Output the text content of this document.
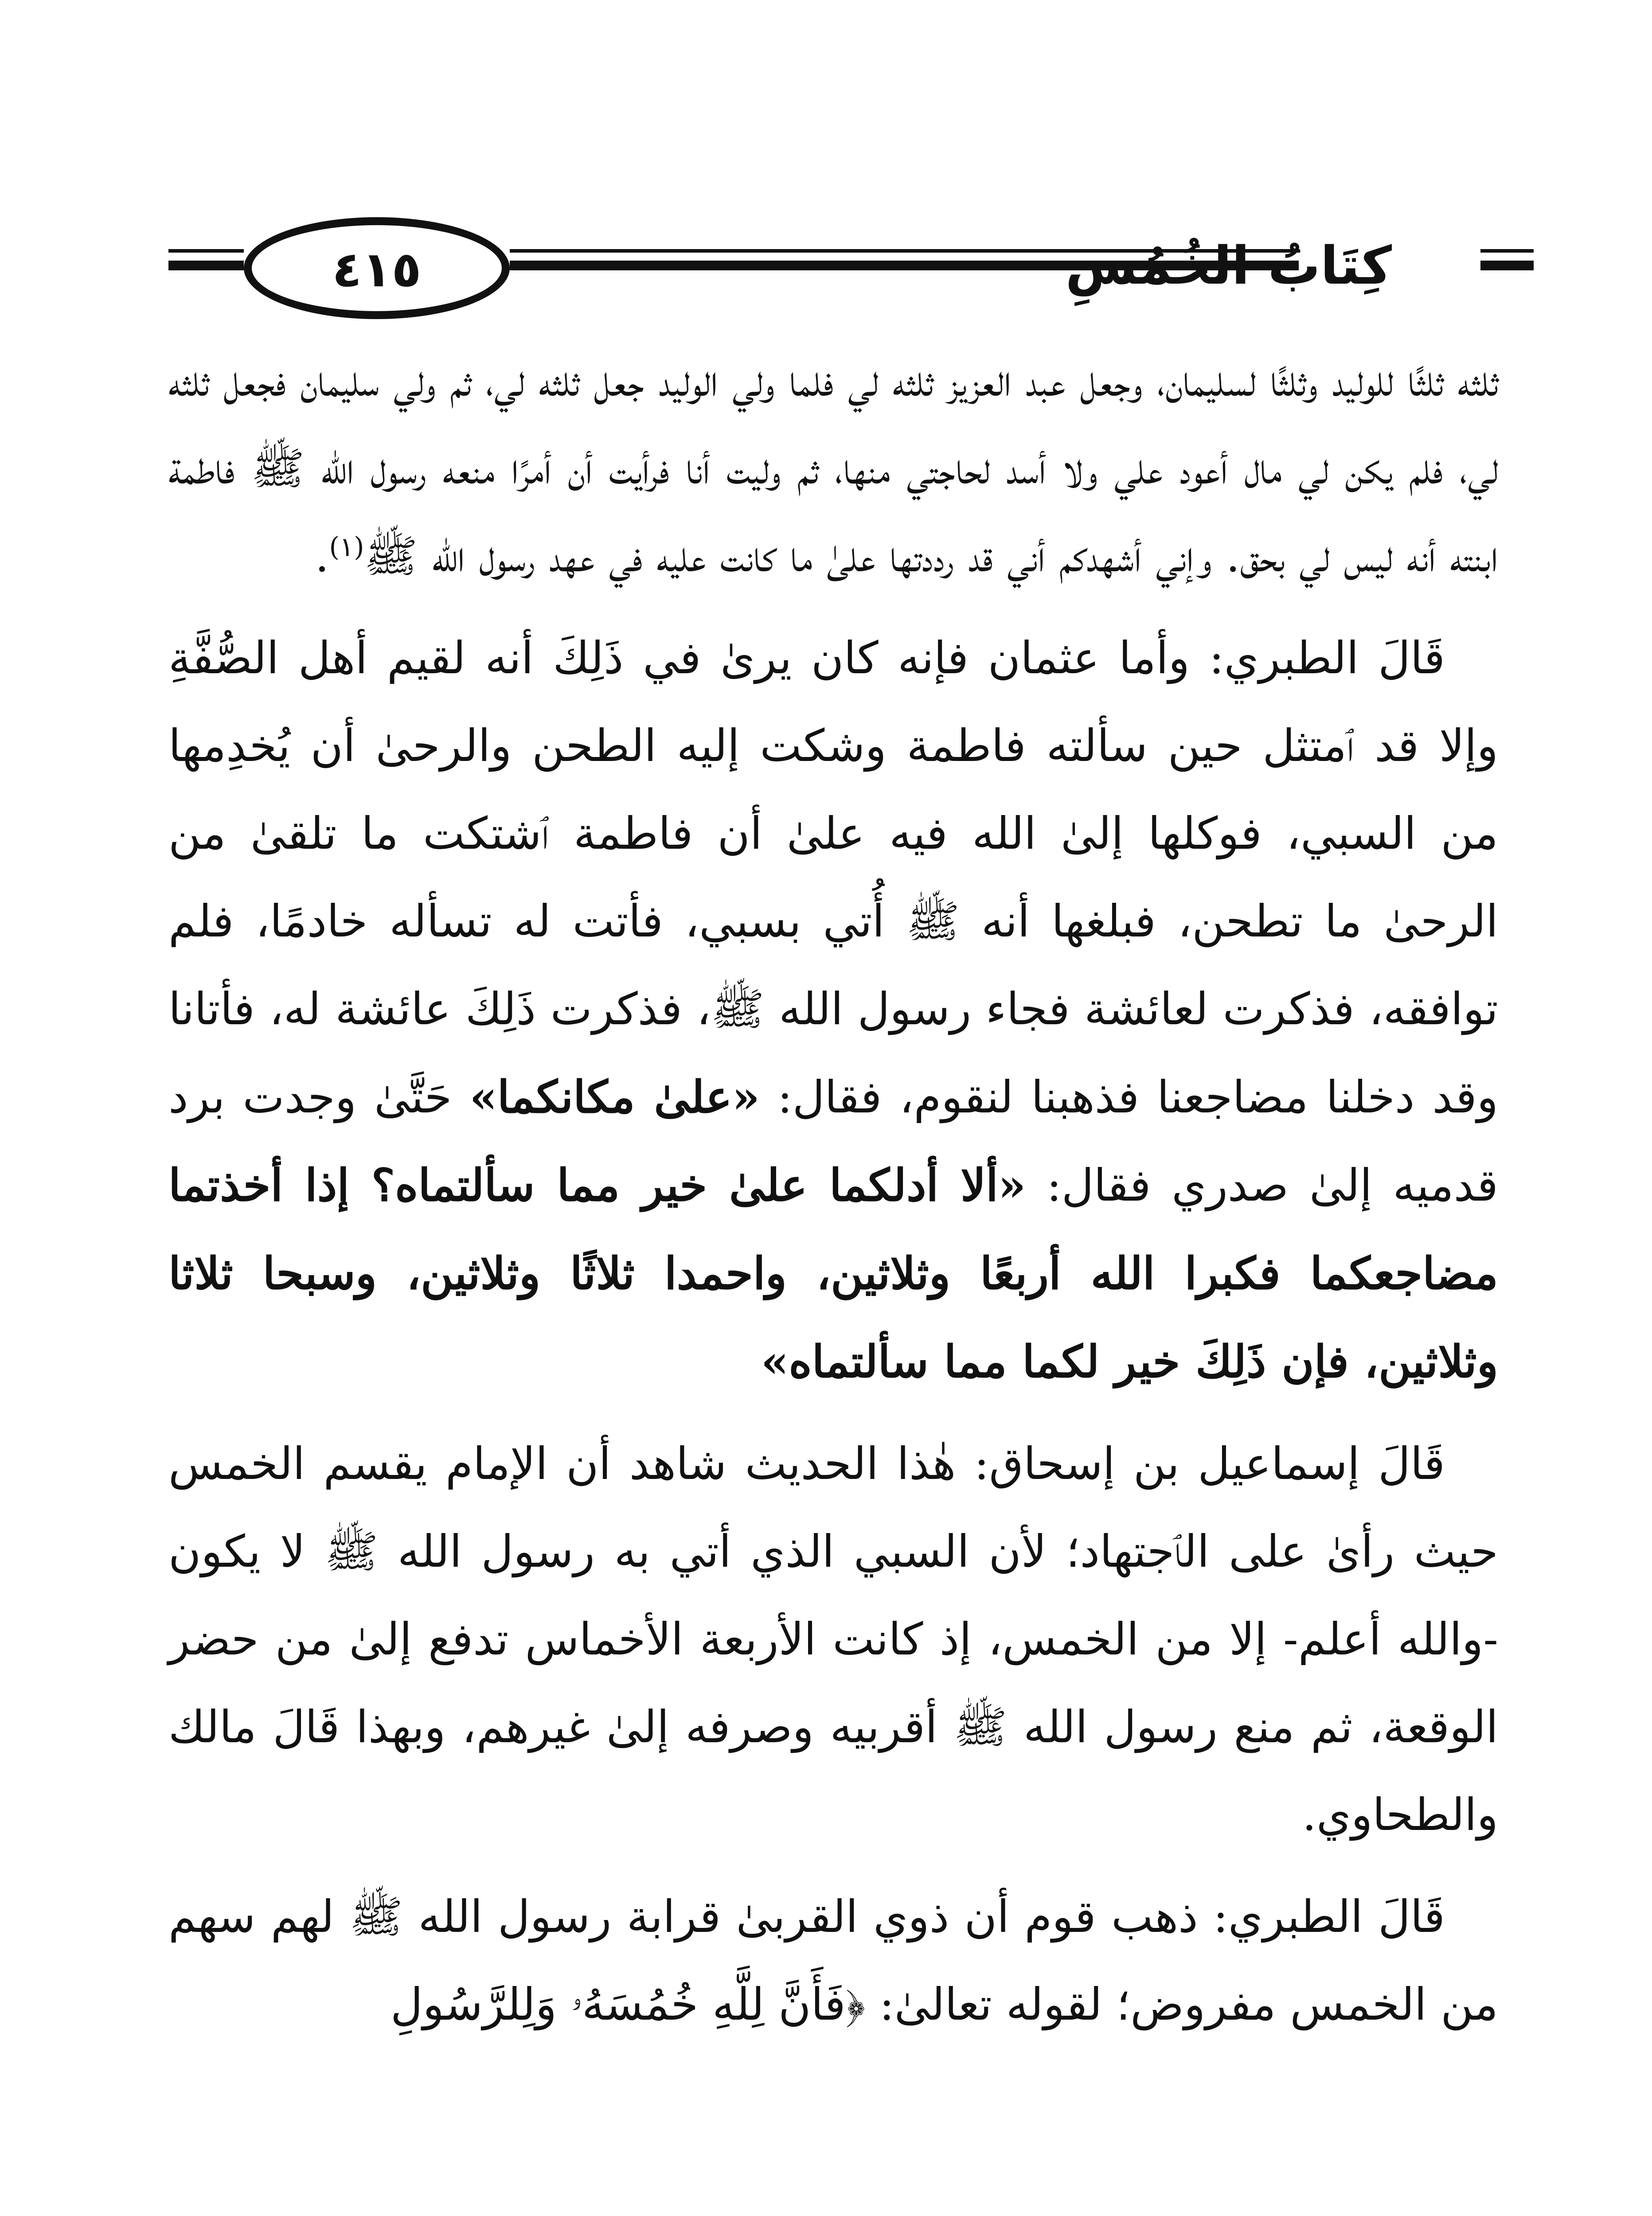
٤١٥	كِتَابُ الخُمُسِ

ثلثه ثلثًا للوليد وثلثًا لسليمان، وجعل عبد العزيز ثلثه لي فلما ولي الوليد جعل ثلثه لي، ثم ولي سليمان فجعل ثلثه لي، فلم يكن لي مال أعود علي ولا أسد لحاجتي منها، ثم وليت أنا فرأيت أن أمرًا منعه رسول الله ﷺ فاطمة ابنته أنه ليس لي بحق. وإني أشهدكم أني قد رددتها علىٰ ما كانت عليه في عهد رسول الله ﷺ$^{(١)}$.

قَالَ الطبري: وأما عثمان فإنه كان يرىٰ في ذَلِكَ أنه لقيم أهل الصُّفَّةِ وإلا قد ٱمتثل حين سألته فاطمة وشكت إليه الطحن والرحىٰ أن يُخدِمها من السبي، فوكلها إلىٰ الله فيه علىٰ أن فاطمة ٱشتكت ما تلقىٰ من الرحىٰ ما تطحن، فبلغها أنه ﷺ أُتي بسبي، فأتت له تسأله خادمًا، فلم توافقه، فذكرت لعائشة فجاء رسول الله ﷺ، فذكرت ذَلِكَ عائشة له، فأتانا وقد دخلنا مضاجعنا فذهبنا لنقوم، فقال: «علىٰ مكانكما» حَتَّىٰ وجدت برد قدميه إلىٰ صدري فقال: «ألا أدلكما علىٰ خير مما سألتماه؟ إذا أخذتما مضاجعكما فكبرا الله أربعًا وثلاثين، واحمدا ثلاثًا وثلاثين، وسبحا ثلاثا وثلاثين، فإن ذَلِكَ خير لكما مما سألتماه»

قَالَ إسماعيل بن إسحاق: هٰذا الحديث شاهد أن الإمام يقسم الخمس حيث رأىٰ على الٱجتهاد؛ لأن السبي الذي أتي به رسول الله ﷺ لا يكون -والله أعلم- إلا من الخمس، إذ كانت الأربعة الأخماس تدفع إلىٰ من حضر الوقعة، ثم منع رسول الله ﷺ أقربيه وصرفه إلىٰ غيرهم، وبهذا قَالَ مالك والطحاوي.

قَالَ الطبري: ذهب قوم أن ذوي القربىٰ قرابة رسول الله ﷺ لهم سهم من الخمس مفروض؛ لقوله تعالىٰ: ﴿فَأَنَّ لِلَّهِ خُمُسَهُۥ وَلِلرَّسُولِ
